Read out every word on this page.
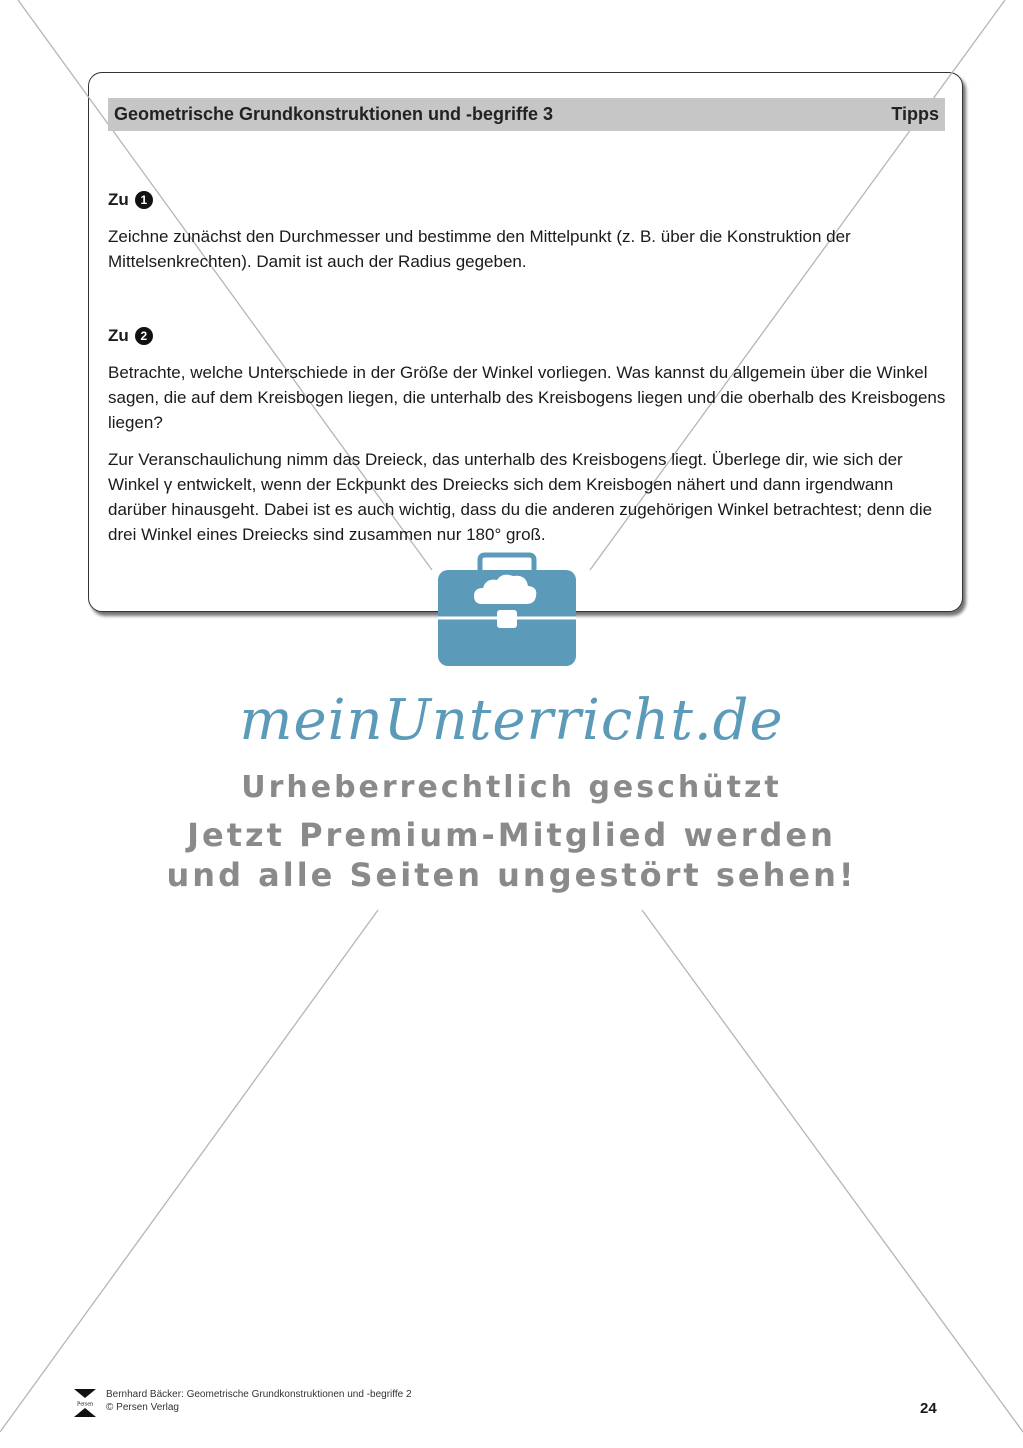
Geometrische Grundkonstruktionen und -begriffe 3	Tipps
Zu 1

Zeichne zunächst den Durchmesser und bestimme den Mittelpunkt (z. B. über die Konstruktion der Mittelsenkrechten). Damit ist auch der Radius gegeben.

Zu 2

Betrachte, welche Unterschiede in der Größe der Winkel vorliegen. Was kannst du allgemein über die Winkel sagen, die auf dem Kreisbogen liegen, die unterhalb des Kreisbogens liegen und die oberhalb des Kreisbogens liegen?

Zur Veranschaulichung nimm das Dreieck, das unterhalb des Kreisbogens liegt. Überlege dir, wie sich der Winkel γ entwickelt, wenn der Eckpunkt des Dreiecks sich dem Kreisbogen nähert und dann irgendwann darüber hinausgeht. Dabei ist es auch wichtig, dass du die anderen zugehörigen Winkel betrachtest; denn die drei Winkel eines Dreiecks sind zusammen nur 180° groß.

meinUnterricht.de
Urheberrechtlich geschützt
Jetzt Premium-Mitglied werden
und alle Seiten ungestört sehen!
Persen
Bernhard Bäcker: Geometrische Grundkonstruktionen und -begriffe 2
© Persen Verlag	24
